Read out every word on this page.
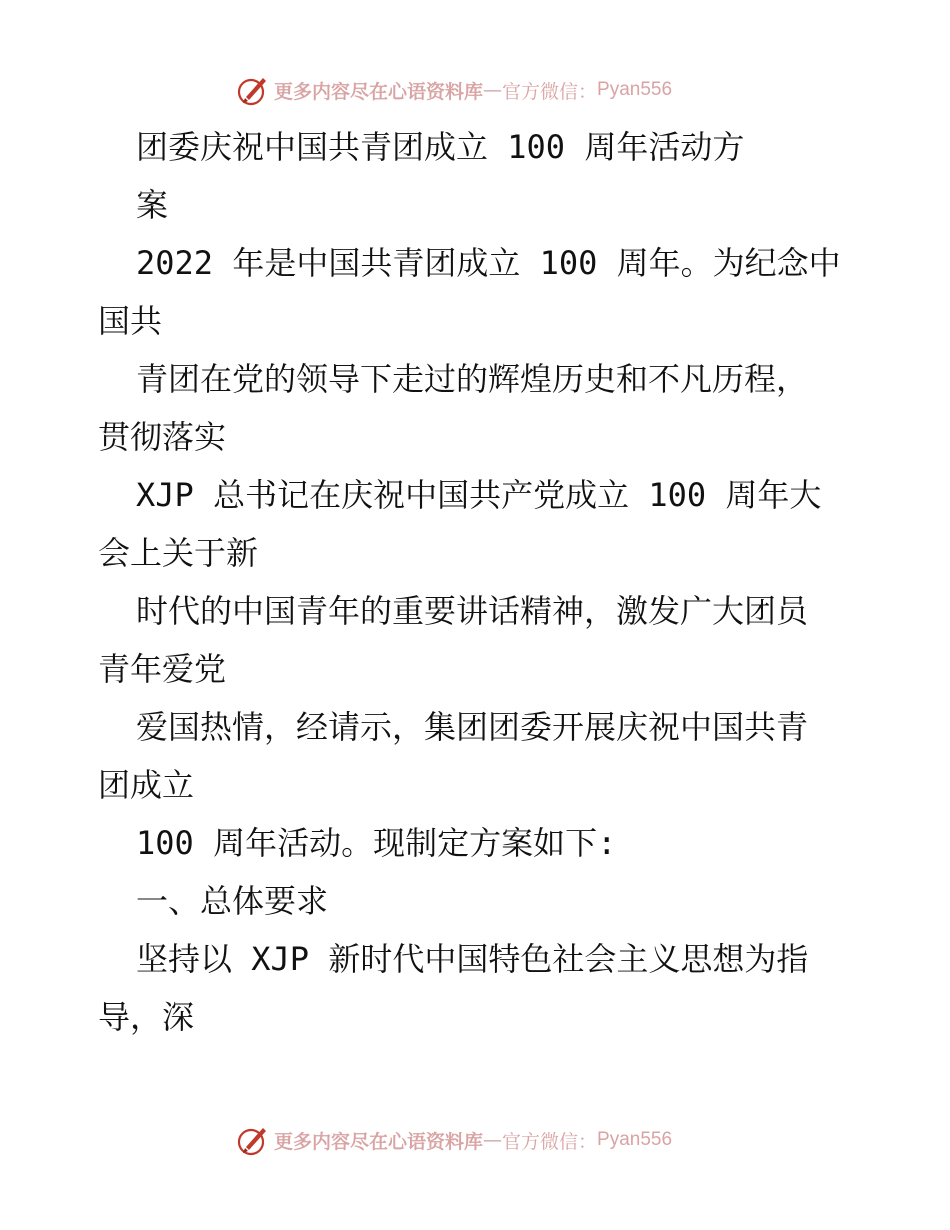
更多内容尽在心语资料库 — 官方微信： Pyan556
团委庆祝中国共青团成立 100 周年活动方
案
2022 年是中国共青团成立 100 周年。为纪念中
国共
青团在党的领导下走过的辉煌历史和不凡历程，
贯彻落实
XJP 总书记在庆祝中国共产党成立 100 周年大
会上关于新
时代的中国青年的重要讲话精神，激发广大团员
青年爱党
爱国热情，经请示，集团团委开展庆祝中国共青
团成立
100 周年活动。现制定方案如下:
一、总体要求
坚持以 XJP 新时代中国特色社会主义思想为指
导，深
更多内容尽在心语资料库 — 官方微信： Pyan556
